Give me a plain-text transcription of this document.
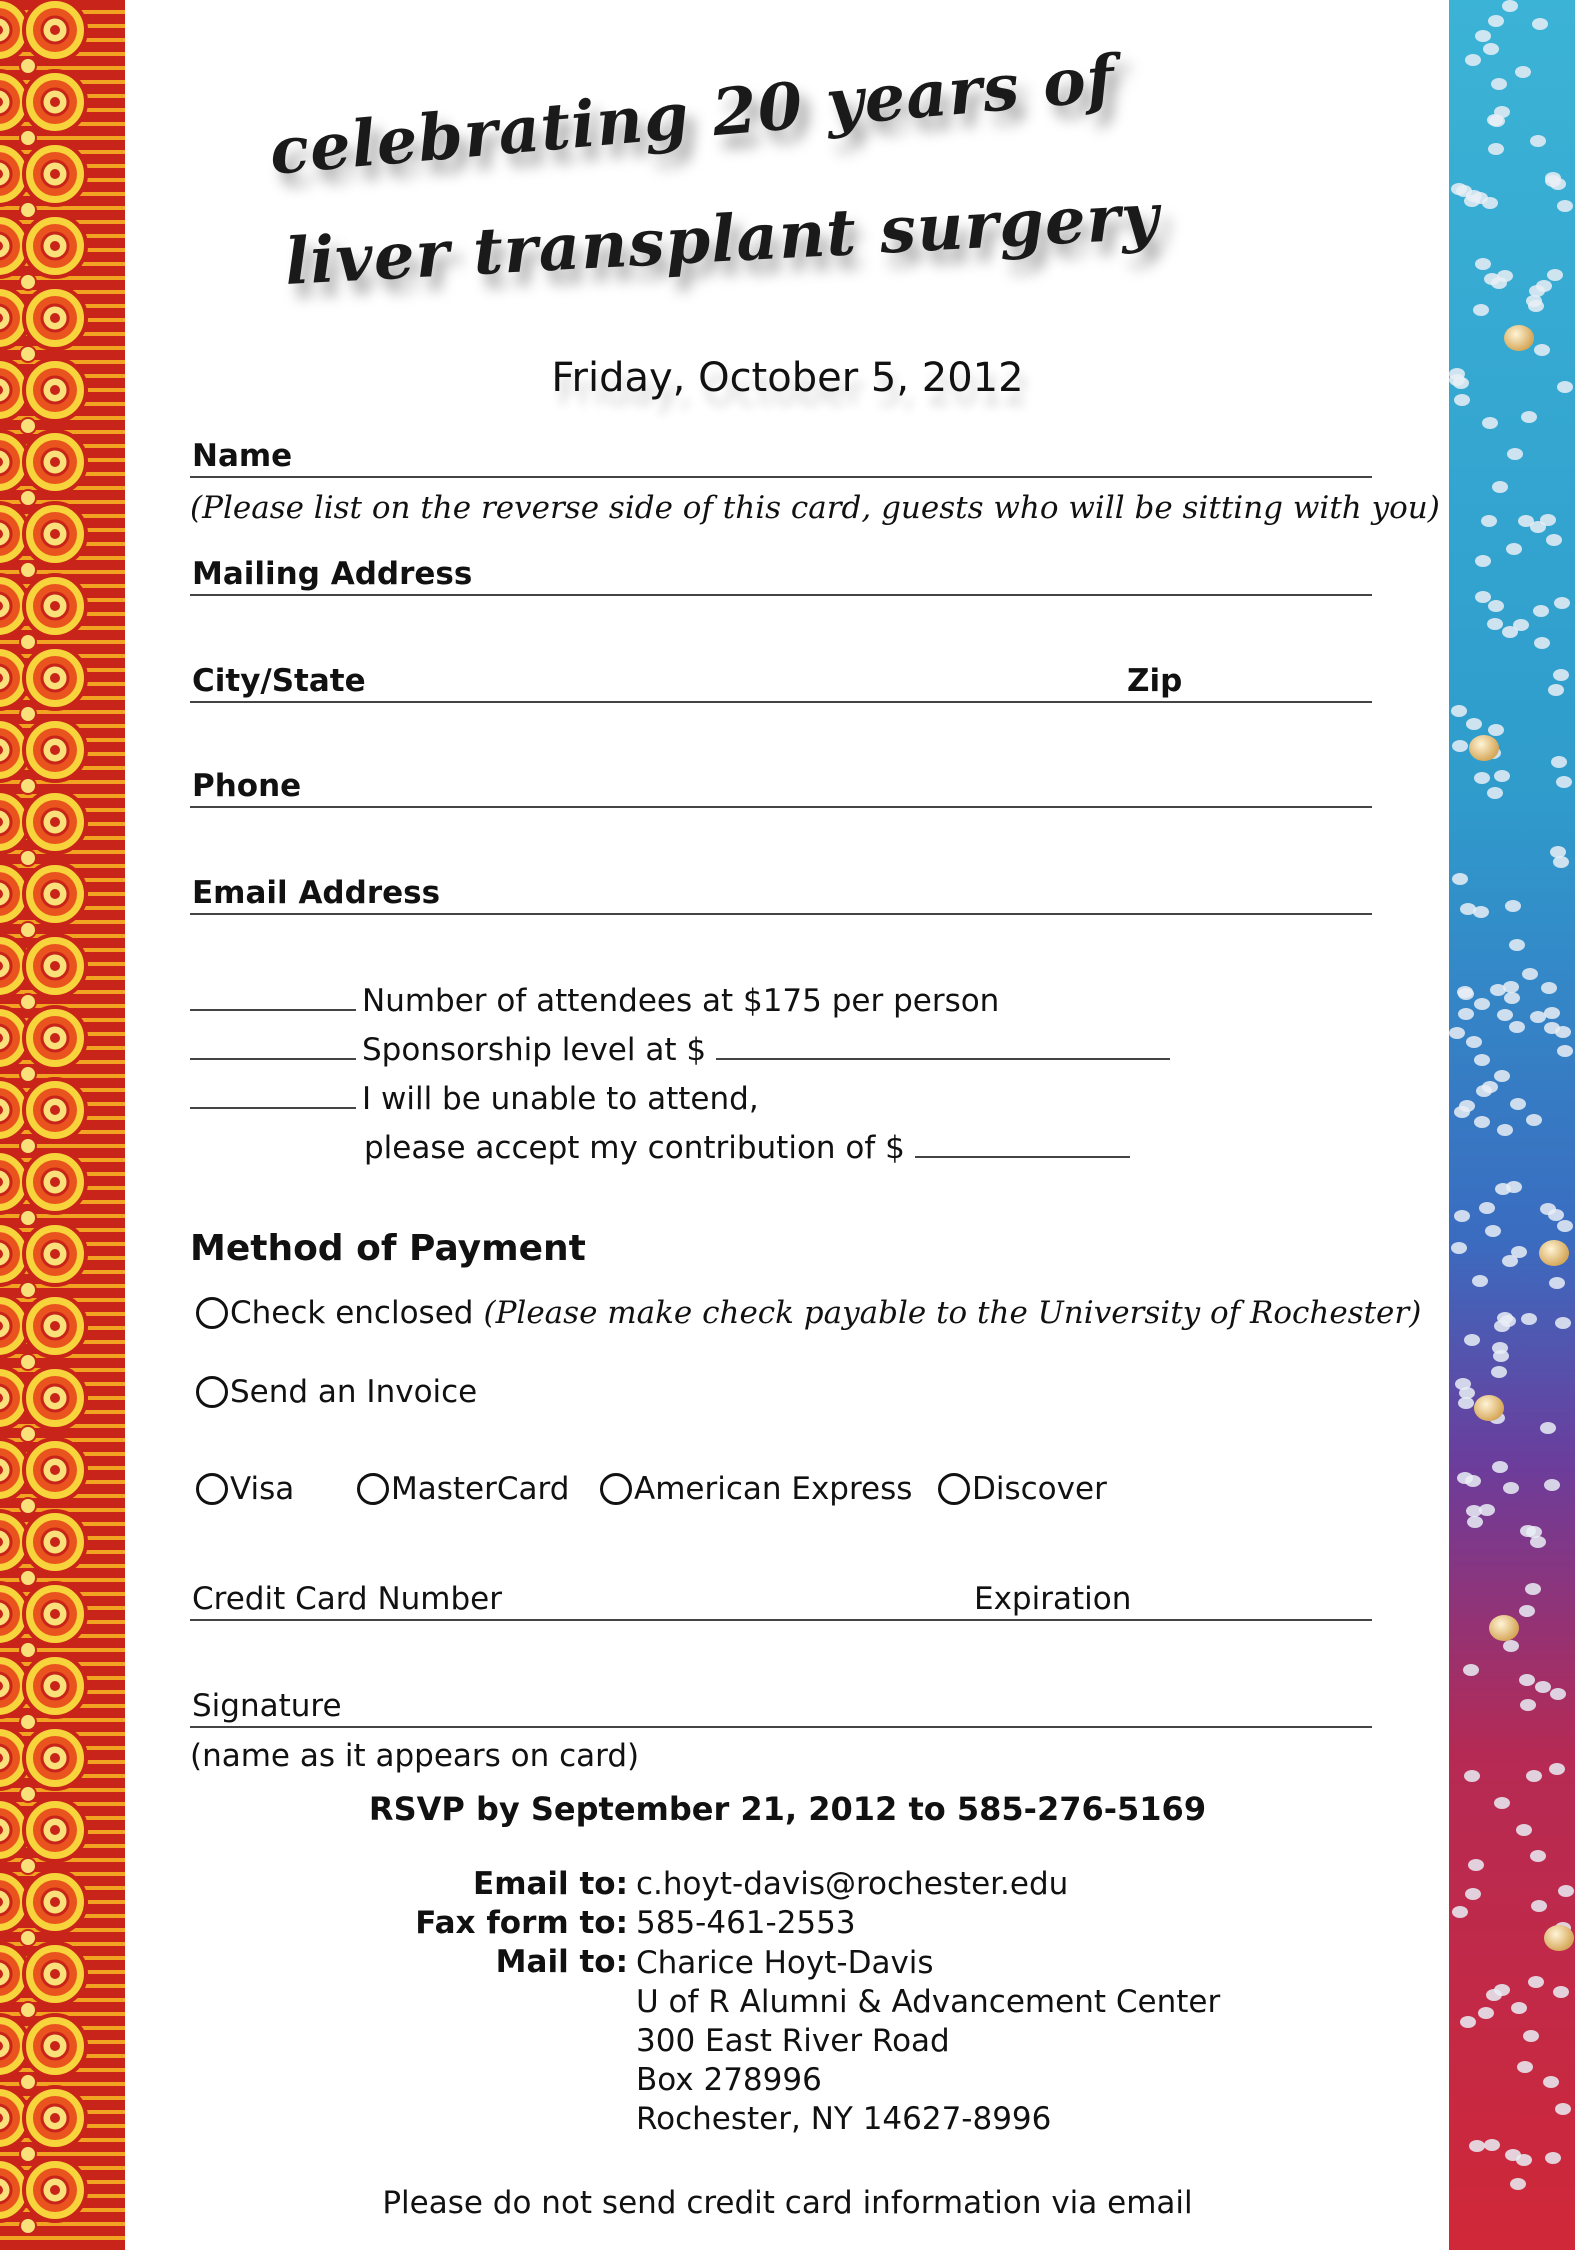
celebrating 20 years of
liver transplant surgery
Friday, October 5, 2012
Name
(Please list on the reverse side of this card, guests who will be sitting with you)
Mailing Address
City/State	Zip
Phone
Email Address
Number of attendees at $175 per person
Sponsorship level at $
I will be unable to attend,
please accept my contribution of $
Method of Payment
Check enclosed (Please make check payable to the University of Rochester)
Send an Invoice
Visa	MasterCard American Express Discover
Credit Card Number	Expiration
Signature
(name as it appears on card)
RSVP by September 21, 2012 to 585-276-5169
Email to: c.hoyt-davis@rochester.edu
Fax form to: 585-461-2553
Mail to: Charice Hoyt-Davis
U of R Alumni & Advancement Center
300 East River Road
Box 278996
Rochester, NY 14627-8996
Please do not send credit card information via email
